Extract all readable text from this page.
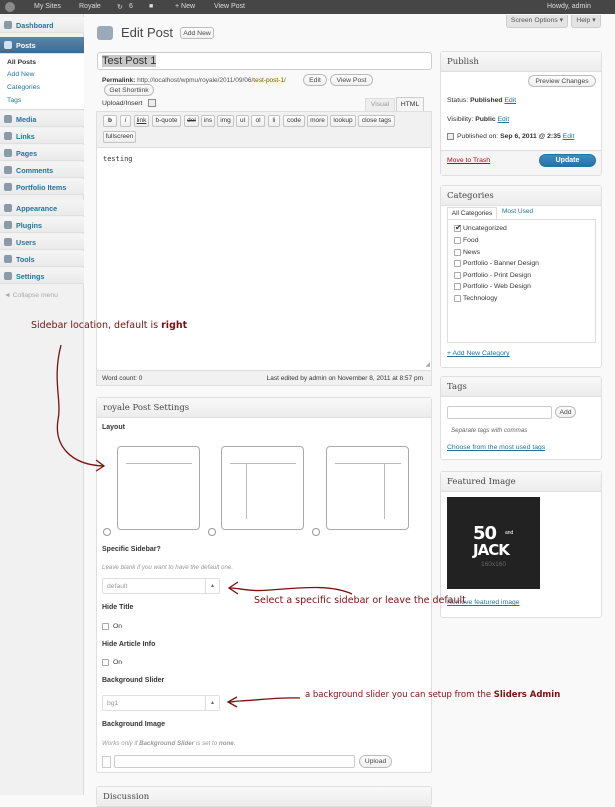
My Sites	Royale ↻ 6 ■	+ New	View Post	Howdy, admin
Dashboard
Posts
All Posts
Add New
Categories
Tags
Media
Links
Pages
Comments
Portfolio Items
Appearance
Plugins
Users
Tools
Settings
◄ Collapse menu
Edit Post	Add New
Screen Options ▾	Help ▾
Test Post 1
Permalink: http://localhost/wpmu/royale/2011/09/06/test-post-1/	Edit	View Post
Get Shortlink
Upload/Insert	Visual	HTML
b	i	link	b-quote	del	ins	img	ul	ol	li	code	more	lookup	close tags
fullscreen
testing
◢
Word count: 0	Last edited by admin on November 8, 2011 at 8:57 pm
royale Post Settings
Layout
Specific Sidebar?
Leave blank if you want to have the default one.
default	▴

Hide Title
On
Hide Article Info
On
Background Slider
bg1	▴
Background Image
Works only if Background Slider is set to none.
Upload
Discussion
Publish
Preview Changes
Status: Published Edit
Visibility: Public Edit
Published on: Sep 6, 2011 @ 2:35 Edit
Move to Trash	Update
Categories
All Categories	Most Used
✔ Uncategorized
Food
News
Portfolio - Banner Design
Portfolio - Print Design
Portfolio - Web Design
Technology
+ Add New Category
Tags
Add
Separate tags with commas
Choose from the most used tags
Featured Image
50 and
JACK
160x160
Remove featured image
Sidebar location, default is right
Select a specific sidebar or leave the default
a background slider you can setup from the Sliders Admin
